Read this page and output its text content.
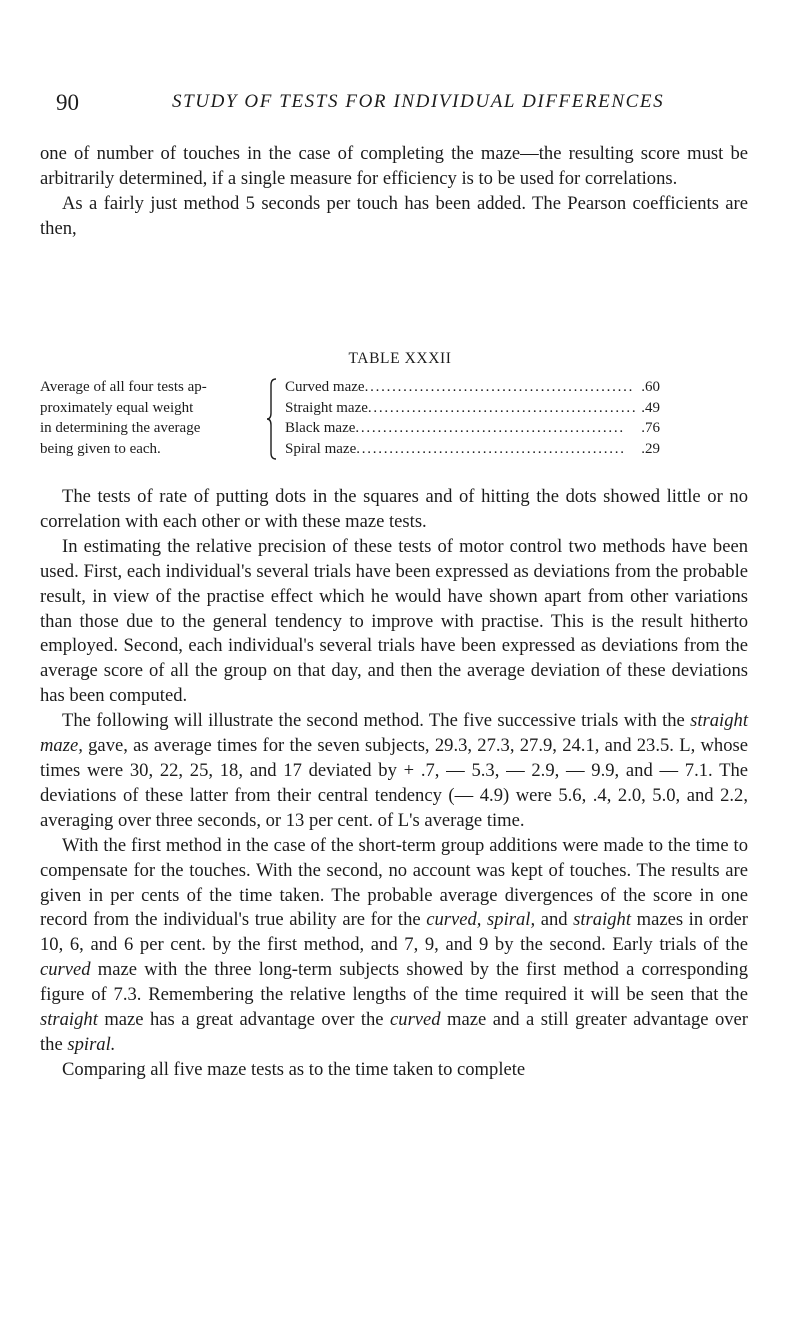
90	STUDY OF TESTS FOR INDIVIDUAL DIFFERENCES

one of number of touches in the case of completing the maze—the resulting score must be arbitrarily determined, if a single measure for efficiency is to be used for correlations.

As a fairly just method 5 seconds per touch has been added. The Pearson coefficients are then,

TABLE XXXII
Average of all four tests ap-
proximately equal weight
in determining the average
being given to each.
Curved maze . . .	.60
Straight maze . . .	.49
Black maze . . .	.76
Spiral maze . . .	.29

The tests of rate of putting dots in the squares and of hitting the dots showed little or no correlation with each other or with these maze tests.

In estimating the relative precision of these tests of motor control two methods have been used. First, each individual's several trials have been expressed as deviations from the probable result, in view of the practise effect which he would have shown apart from other variations than those due to the general tendency to improve with practise. This is the result hitherto employed. Second, each individual's several trials have been expressed as deviations from the average score of all the group on that day, and then the average deviation of these deviations has been computed.

The following will illustrate the second method. The five successive trials with the straight maze, gave, as average times for the seven subjects, 29.3, 27.3, 27.9, 24.1, and 23.5. L, whose times were 30, 22, 25, 18, and 17 deviated by + .7, — 5.3, — 2.9, — 9.9, and — 7.1. The deviations of these latter from their central tendency (— 4.9) were 5.6, .4, 2.0, 5.0, and 2.2, averaging over three seconds, or 13 per cent. of L's average time.

With the first method in the case of the short-term group additions were made to the time to compensate for the touches. With the second, no account was kept of touches. The results are given in per cents of the time taken. The probable average divergences of the score in one record from the individual's true ability are for the curved, spiral, and straight mazes in order 10, 6, and 6 per cent. by the first method, and 7, 9, and 9 by the second. Early trials of the curved maze with the three long-term subjects showed by the first method a corresponding figure of 7.3. Remembering the relative lengths of the time required it will be seen that the straight maze has a great advantage over the curved maze and a still greater advantage over the spiral.

Comparing all five maze tests as to the time taken to complete
